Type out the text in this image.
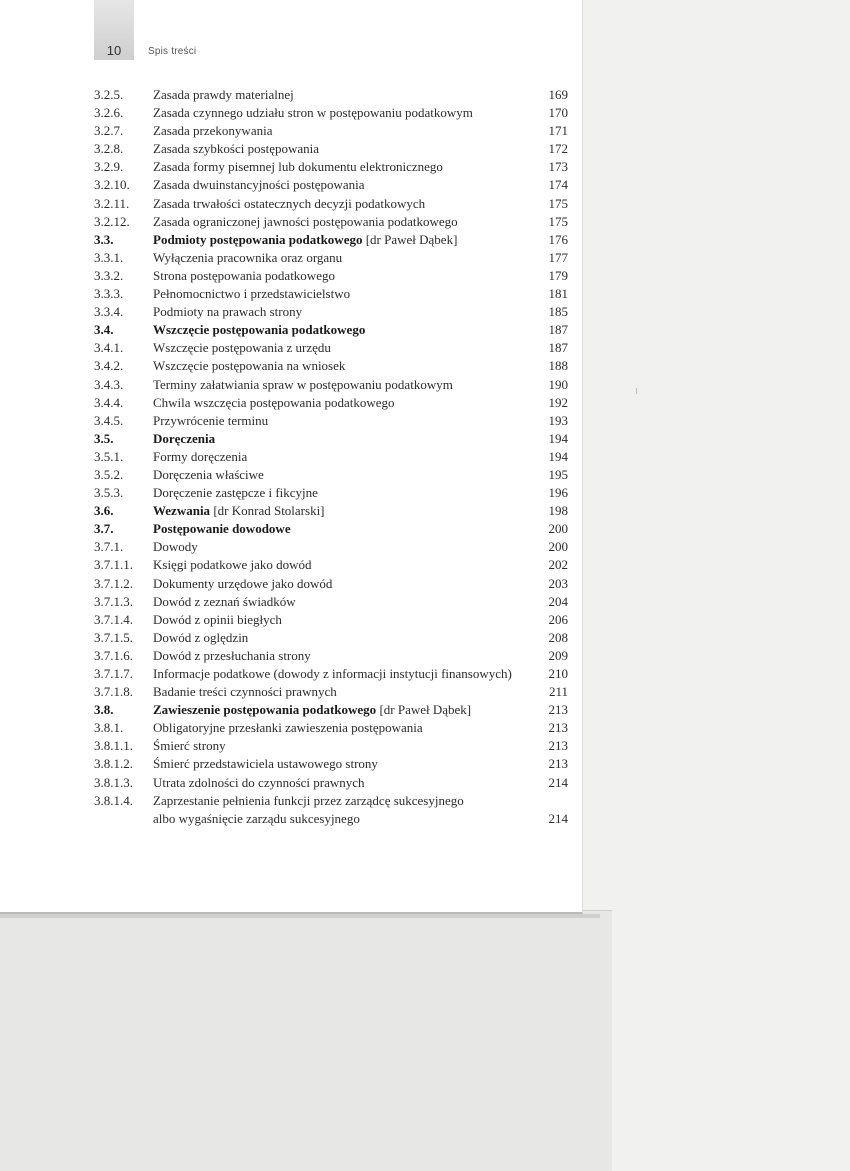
10	Spis treści
3.2.5. Zasada prawdy materialnej	169
3.2.6. Zasada czynnego udziału stron w postępowaniu podatkowym	170
3.2.7. Zasada przekonywania	171
3.2.8. Zasada szybkości postępowania	172
3.2.9. Zasada formy pisemnej lub dokumentu elektronicznego	173
3.2.10. Zasada dwuinstancyjności postępowania	174
3.2.11. Zasada trwałości ostatecznych decyzji podatkowych	175
3.2.12. Zasada ograniczonej jawności postępowania podatkowego	175
3.3.	Podmioty postępowania podatkowego [dr Paweł Dąbek]	176
3.3.1. Wyłączenia pracownika oraz organu	177
3.3.2. Strona postępowania podatkowego	179
3.3.3. Pełnomocnictwo i przedstawicielstwo	181
3.3.4. Podmioty na prawach strony	185
3.4.	Wszczęcie postępowania podatkowego	187
3.4.1. Wszczęcie postępowania z urzędu	187
3.4.2. Wszczęcie postępowania na wniosek	188
3.4.3. Terminy załatwiania spraw w postępowaniu podatkowym	190
3.4.4. Chwila wszczęcia postępowania podatkowego	192
3.4.5. Przywrócenie terminu	193
3.5.	Doręczenia	194
3.5.1. Formy doręczenia	194
3.5.2. Doręczenia właściwe	195
3.5.3. Doręczenie zastępcze i fikcyjne	196
3.6.	Wezwania [dr Konrad Stolarski]	198
3.7.	Postępowanie dowodowe	200
3.7.1. Dowody	200
3.7.1.1. Księgi podatkowe jako dowód	202
3.7.1.2. Dokumenty urzędowe jako dowód	203
3.7.1.3. Dowód z zeznań świadków	204
3.7.1.4. Dowód z opinii biegłych	206
3.7.1.5. Dowód z oględzin	208
3.7.1.6. Dowód z przesłuchania strony	209
3.7.1.7. Informacje podatkowe (dowody z informacji instytucji finansowych)	210
3.7.1.8. Badanie treści czynności prawnych	211
3.8.	Zawieszenie postępowania podatkowego [dr Paweł Dąbek]	213
3.8.1. Obligatoryjne przesłanki zawieszenia postępowania	213
3.8.1.1. Śmierć strony	213
3.8.1.2. Śmierć przedstawiciela ustawowego strony	213
3.8.1.3. Utrata zdolności do czynności prawnych	214
3.8.1.4. Zaprzestanie pełnienia funkcji przez zarządcę sukcesyjnego
albo wygaśnięcie zarządu sukcesyjnego	214
